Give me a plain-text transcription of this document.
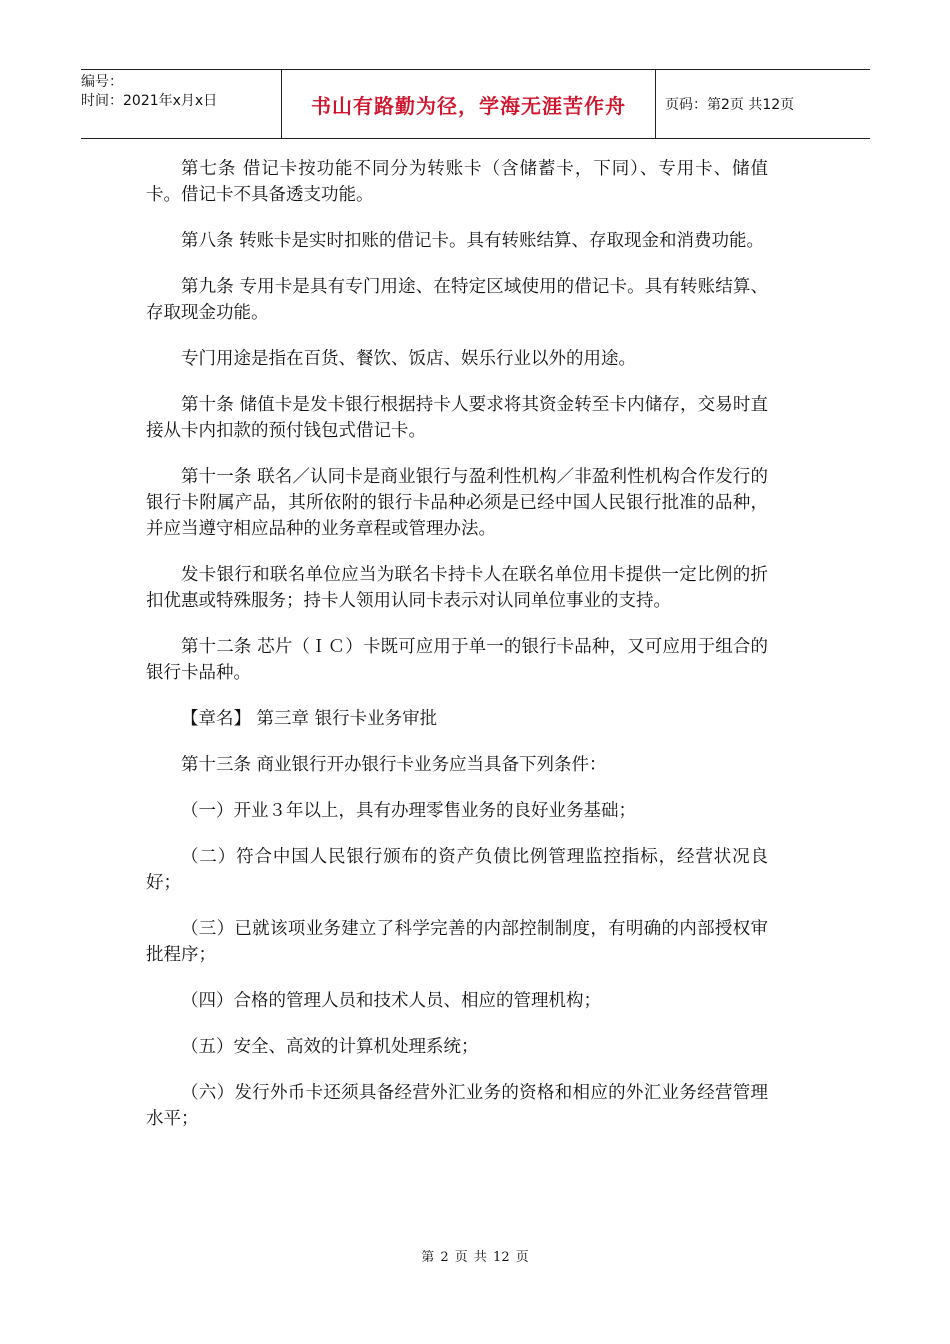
编号：
时间：2021年x月x日	书山有路勤为径，学海无涯苦作舟	页码：第2页 共12页

第七条 借记卡按功能不同分为转账卡（含储蓄卡，下同）、专用卡、储值卡。借记卡不具备透支功能。

第八条 转账卡是实时扣账的借记卡。具有转账结算、存取现金和消费功能。

第九条 专用卡是具有专门用途、在特定区域使用的借记卡。具有转账结算、存取现金功能。

专门用途是指在百货、餐饮、饭店、娱乐行业以外的用途。

第十条 储值卡是发卡银行根据持卡人要求将其资金转至卡内储存，交易时直接从卡内扣款的预付钱包式借记卡。

第十一条 联名／认同卡是商业银行与盈利性机构／非盈利性机构合作发行的银行卡附属产品，其所依附的银行卡品种必须是已经中国人民银行批准的品种，并应当遵守相应品种的业务章程或管理办法。

发卡银行和联名单位应当为联名卡持卡人在联名单位用卡提供一定比例的折扣优惠或特殊服务；持卡人领用认同卡表示对认同单位事业的支持。

第十二条 芯片（ＩＣ）卡既可应用于单一的银行卡品种，又可应用于组合的银行卡品种。

【章名】 第三章 银行卡业务审批

第十三条 商业银行开办银行卡业务应当具备下列条件：

（一）开业３年以上，具有办理零售业务的良好业务基础；

（二）符合中国人民银行颁布的资产负债比例管理监控指标，经营状况良好；

（三）已就该项业务建立了科学完善的内部控制制度，有明确的内部授权审批程序；

（四）合格的管理人员和技术人员、相应的管理机构；

（五）安全、高效的计算机处理系统；

（六）发行外币卡还须具备经营外汇业务的资格和相应的外汇业务经营管理水平；

第 2 页 共 12 页
